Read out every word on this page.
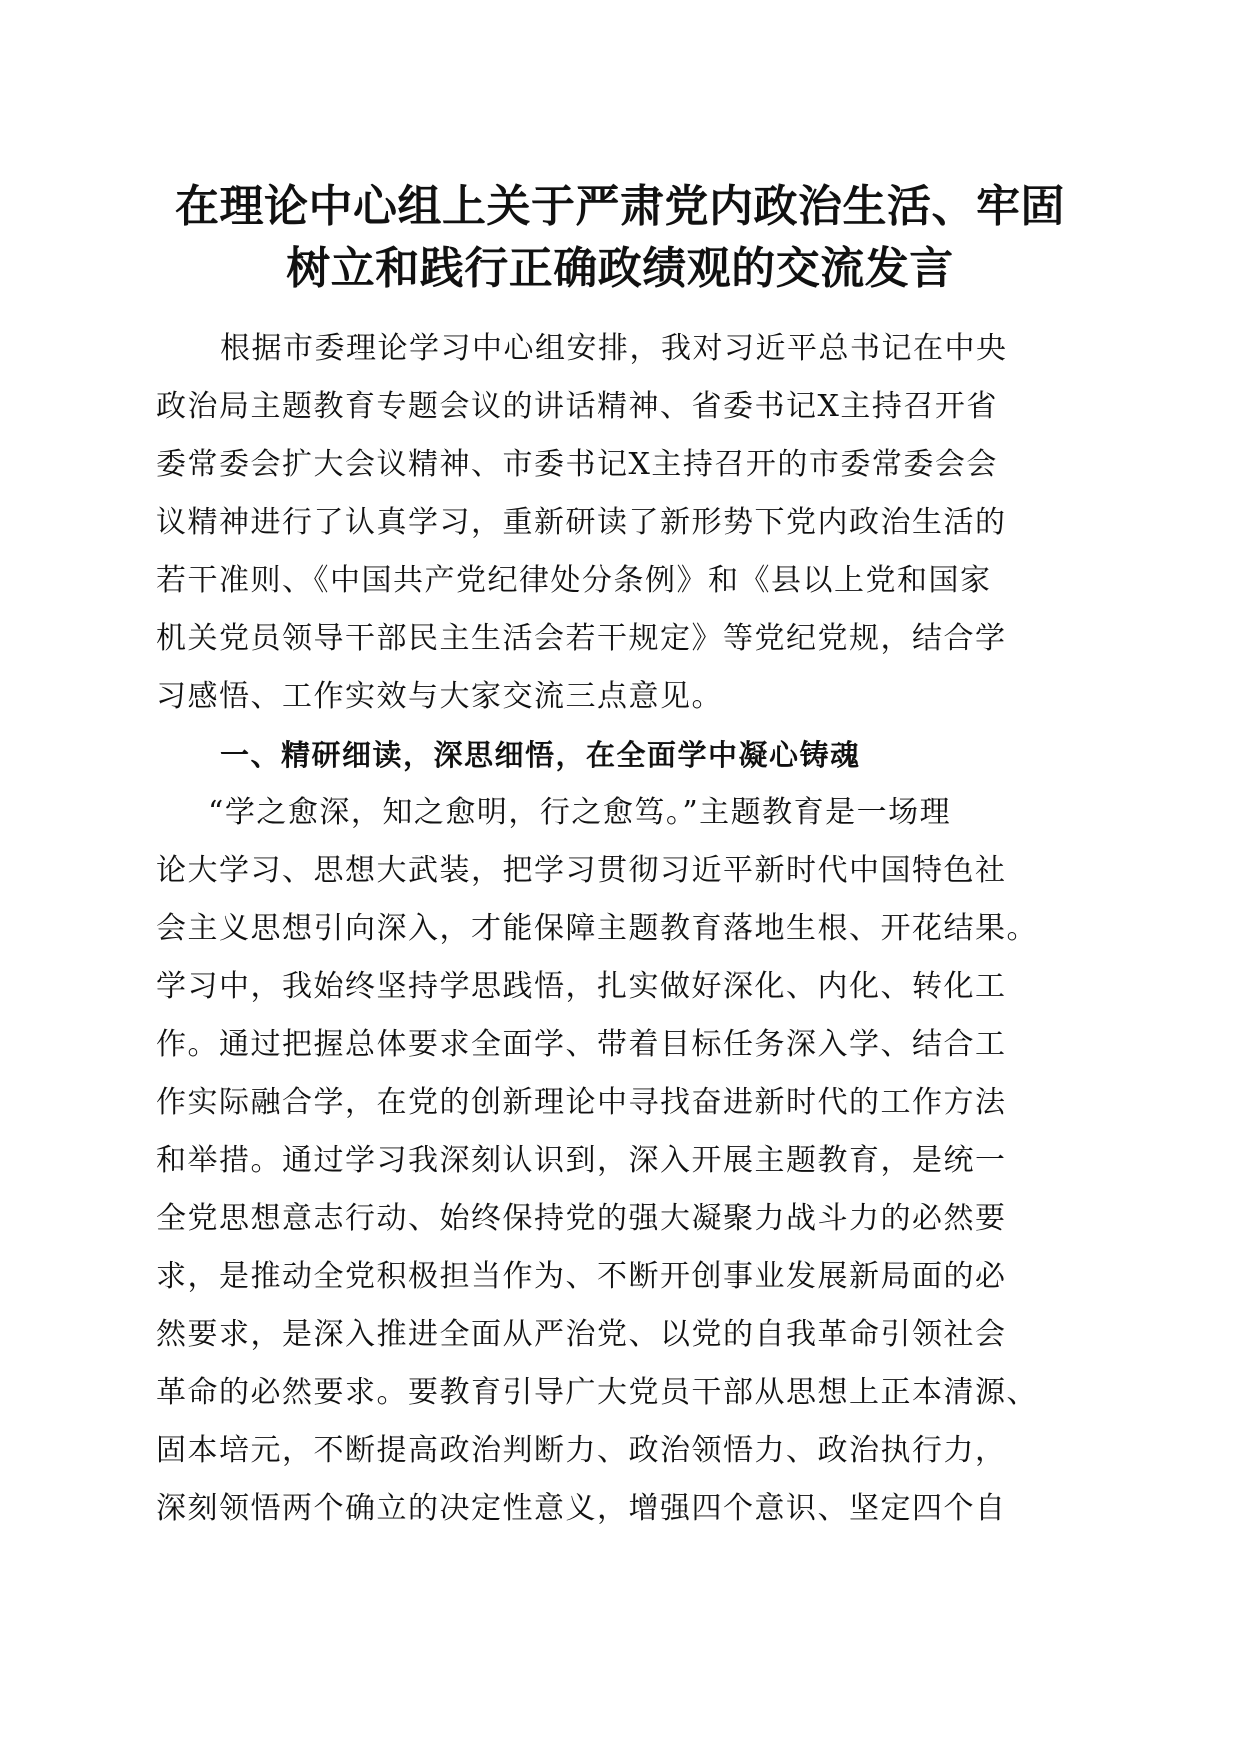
在理论中心组上关于严肃党内政治生活、牢固
树立和践行正确政绩观的交流发言
根据市委理论学习中心组安排，我对习近平总书记在中央
政治局主题教育专题会议的讲话精神、省委书记X主持召开省
委常委会扩大会议精神、市委书记X主持召开的市委常委会会
议精神进行了认真学习，重新研读了新形势下党内政治生活的
若干准则、《中国共产党纪律处分条例》和《县以上党和国家
机关党员领导干部民主生活会若干规定》等党纪党规，结合学
习感悟、工作实效与大家交流三点意见。
一、精研细读，深思细悟，在全面学中凝心铸魂
“学之愈深，知之愈明，行之愈笃。”主题教育是一场理
论大学习、思想大武装，把学习贯彻习近平新时代中国特色社
会主义思想引向深入，才能保障主题教育落地生根、开花结果。
学习中，我始终坚持学思践悟，扎实做好深化、内化、转化工
作。通过把握总体要求全面学、带着目标任务深入学、结合工
作实际融合学，在党的创新理论中寻找奋进新时代的工作方法
和举措。通过学习我深刻认识到，深入开展主题教育，是统一
全党思想意志行动、始终保持党的强大凝聚力战斗力的必然要
求，是推动全党积极担当作为、不断开创事业发展新局面的必
然要求，是深入推进全面从严治党、以党的自我革命引领社会
革命的必然要求。要教育引导广大党员干部从思想上正本清源、
固本培元，不断提高政治判断力、政治领悟力、政治执行力，
深刻领悟两个确立的决定性意义，增强四个意识、坚定四个自
